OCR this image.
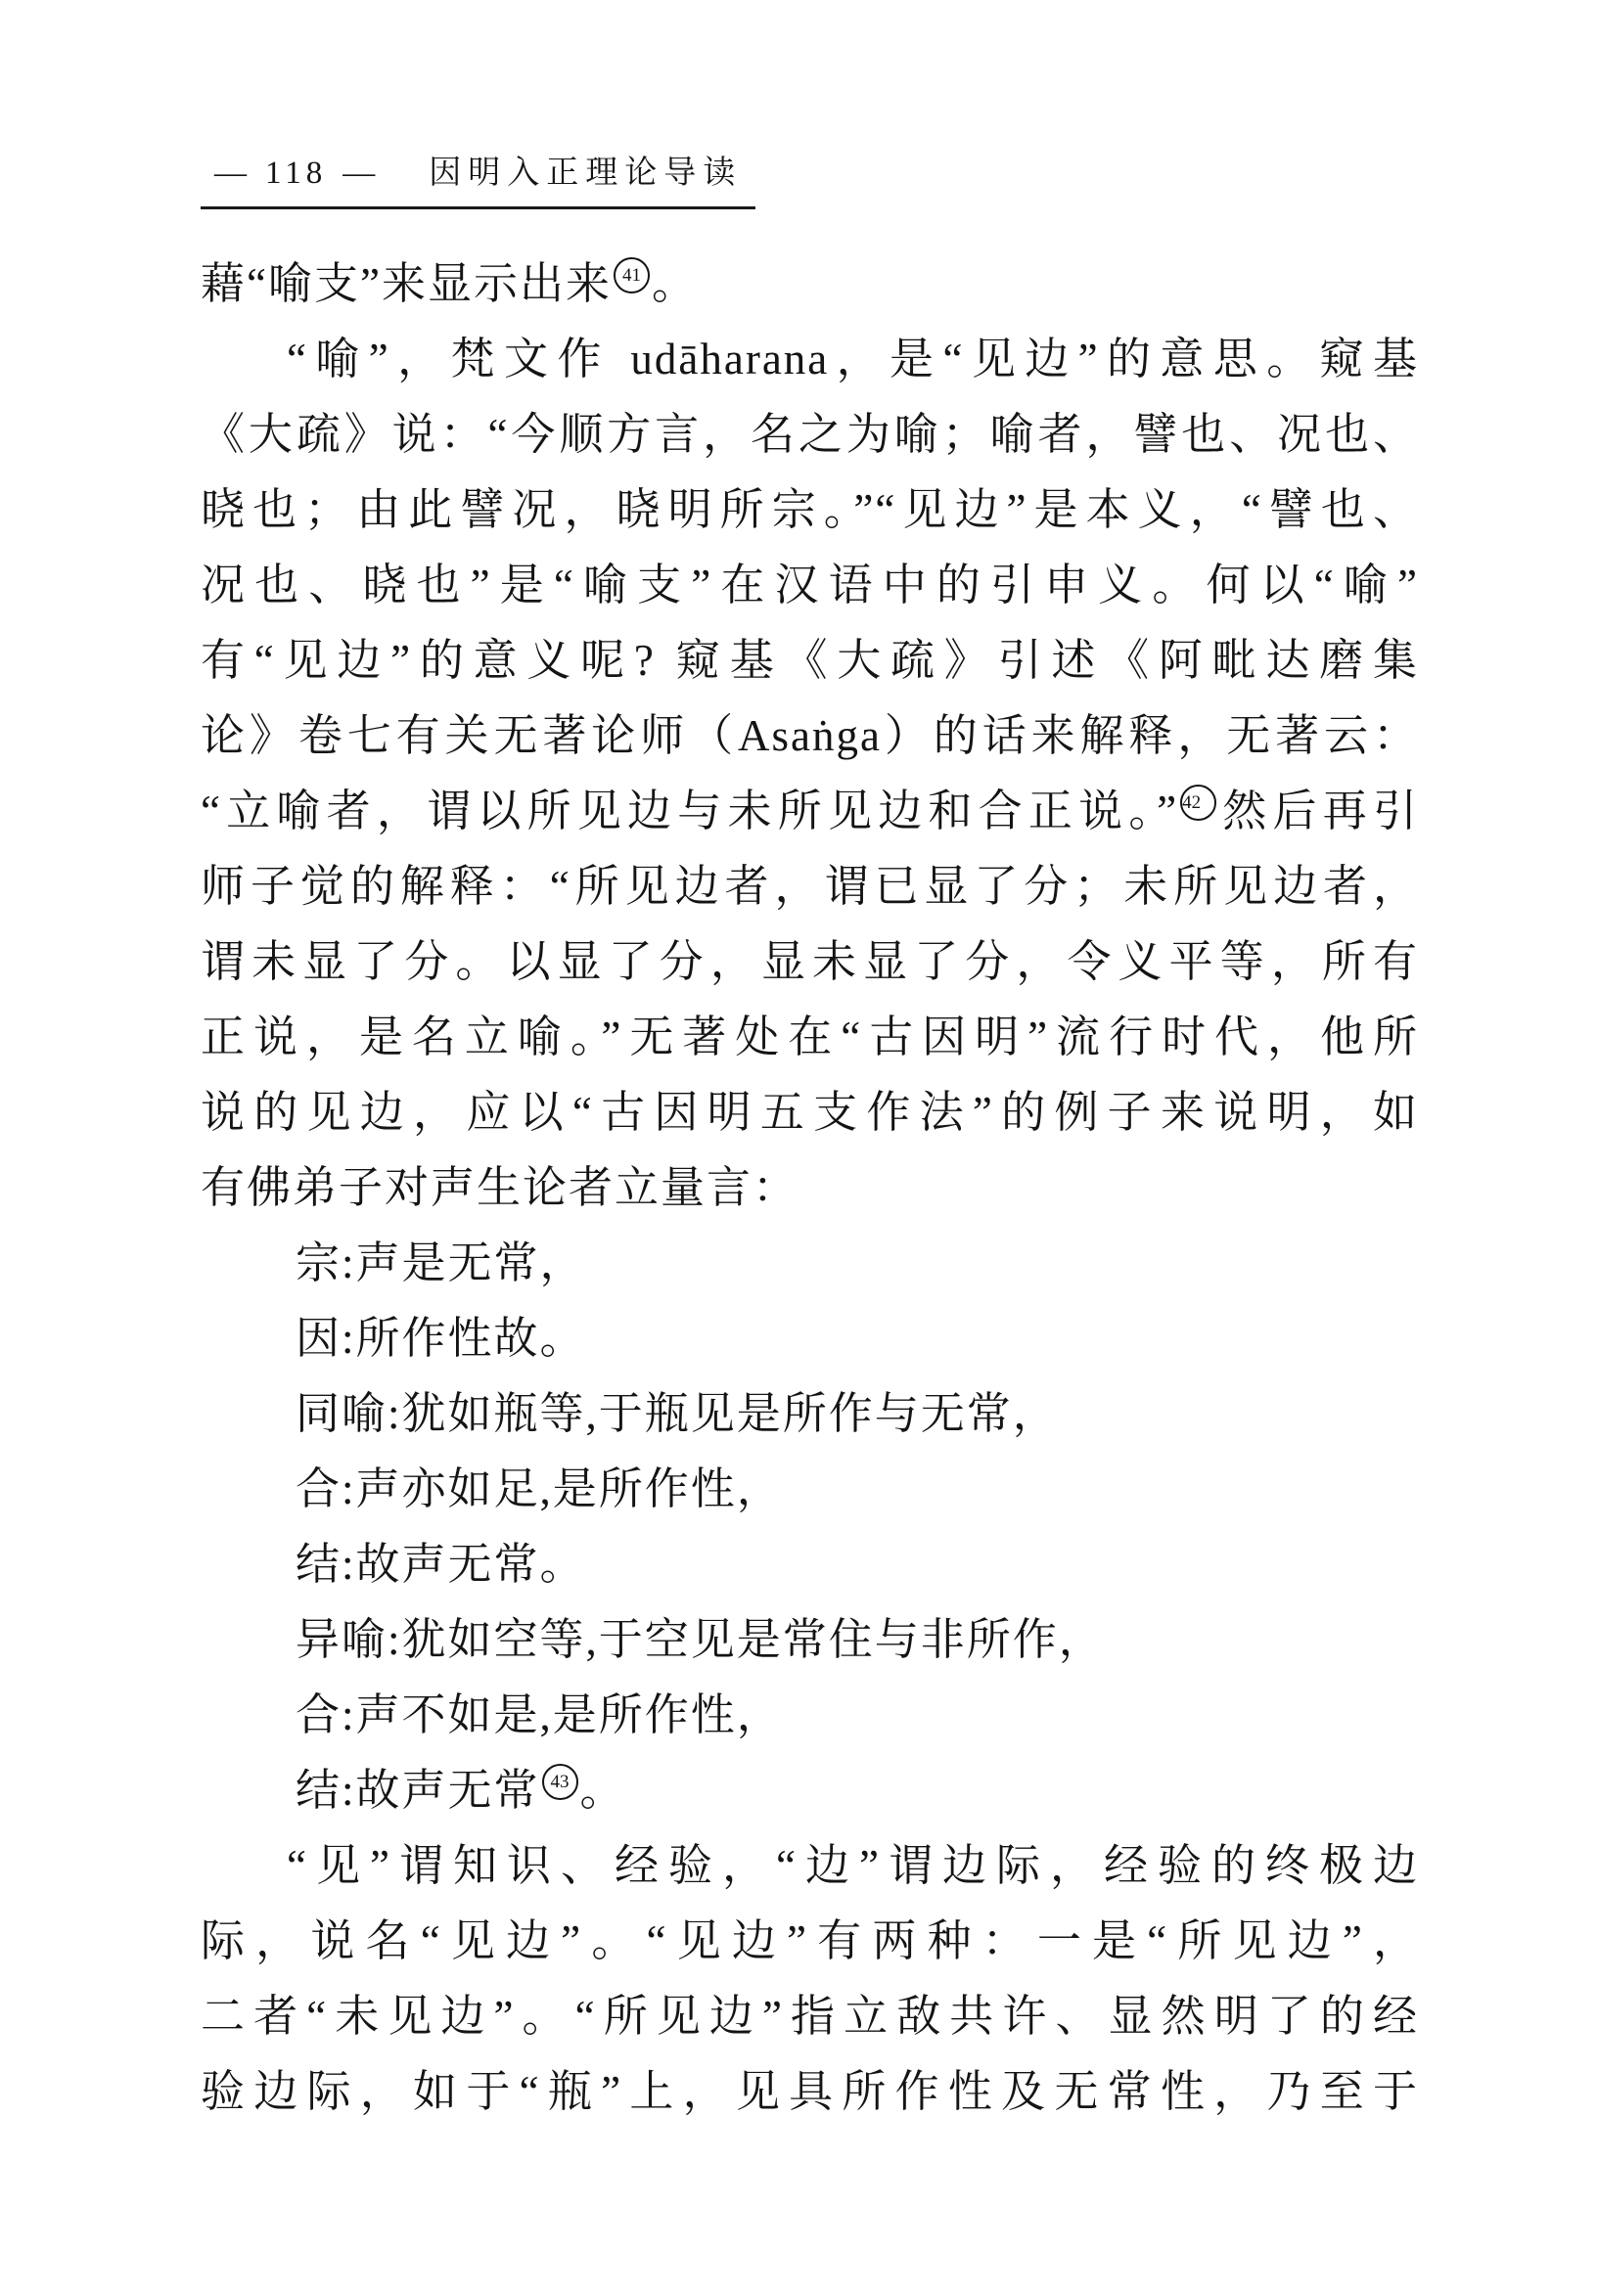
— 118 — 因明入正理论导读
藉“喻支”来显示出来 41 。
“喻”，梵文作 udāharana，是“见边”的意思。窥基
《大疏》说：“今顺方言，名之为喻；喻者，譬也、况也、
晓也；由此譬况，晓明所宗。”“见边”是本义，“譬也、
况也、晓也”是“喻支”在汉语中的引申义。何以“喻”
有“见边”的意义呢? 窥基《大疏》引述《阿毗达磨集
论》卷七有关无著论师（Asaṅga）的话来解释，无著云：
“立喻者，谓以所见边与未所见边和合正说。” 42 然后再引
师子觉的解释：“所见边者，谓已显了分；未所见边者，
谓未显了分。以显了分，显未显了分，令义平等，所有
正说，是名立喻。”无著处在“古因明”流行时代，他所
说的见边，应以“古因明五支作法”的例子来说明，如
有佛弟子对声生论者立量言：
宗:声是无常，
因:所作性故。
同喻:犹如瓶等,于瓶见是所作与无常，
合:声亦如足,是所作性，
结:故声无常。
异喻:犹如空等,于空见是常住与非所作，
合:声不如是,是所作性，
结:故声无常 43 。
“见”谓知识、经验，“边”谓边际，经验的终极边
际，说名“见边”。“见边”有两种：一是“所见边”，
二者“未见边”。“所见边”指立敌共许、显然明了的经
验边际，如于“瓶”上，见具所作性及无常性，乃至于
